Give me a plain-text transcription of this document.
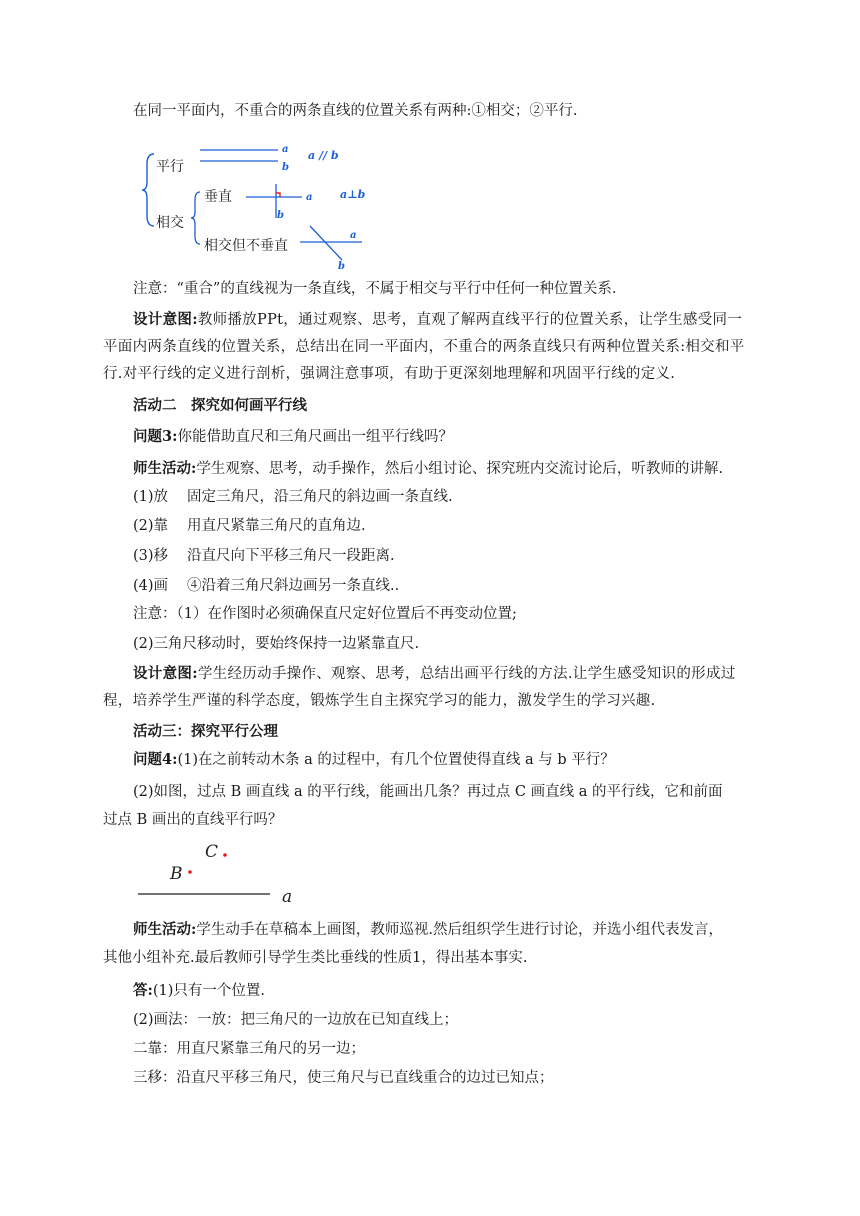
在同一平面内，不重合的两条直线的位置关系有两种:①相交；②平行.
平行
相交
a
b
a // b
垂直
相交但不垂直
a
b
a⊥b
a
b
注意：“重合”的直线视为一条直线，不属于相交与平行中任何一种位置关系.
设计意图:教师播放PPt，通过观察、思考，直观了解两直线平行的位置关系，让学生感受同一
平面内两条直线的位置关系，总结出在同一平面内，不重合的两条直线只有两种位置关系:相交和平
行.对平行线的定义进行剖析，强调注意事项，有助于更深刻地理解和巩固平行线的定义.
活动二　探究如何画平行线
问题3:你能借助直尺和三角尺画出一组平行线吗？
师生活动:学生观察、思考，动手操作，然后小组讨论、探究班内交流讨论后，听教师的讲解.
(1)放 固定三角尺，沿三角尺的斜边画一条直线.
(2)靠 用直尺紧靠三角尺的直角边.
(3)移 沿直尺向下平移三角尺一段距离.
(4)画 ④沿着三角尺斜边画另一条直线..
注意：（1）在作图时必须确保直尺定好位置后不再变动位置;
(2)三角尺移动时，要始终保持一边紧靠直尺.
设计意图:学生经历动手操作、观察、思考，总结出画平行线的方法.让学生感受知识的形成过
程，培养学生严谨的科学态度，锻炼学生自主探究学习的能力，激发学生的学习兴趣.
活动三：探究平行公理
问题4:(1)在之前转动木条 a 的过程中，有几个位置使得直线 a 与 b 平行？
(2)如图，过点 B 画直线 a 的平行线，能画出几条？再过点 C 画直线 a 的平行线，它和前面
过点 B 画出的直线平行吗？
C
B
a
师生活动:学生动手在草稿本上画图，教师巡视.然后组织学生进行讨论，并选小组代表发言，
其他小组补充.最后教师引导学生类比垂线的性质1，得出基本事实.
答:(1)只有一个位置.
(2)画法：一放：把三角尺的一边放在已知直线上；
二靠：用直尺紧靠三角尺的另一边；
三移：沿直尺平移三角尺，使三角尺与已直线重合的边过已知点；
